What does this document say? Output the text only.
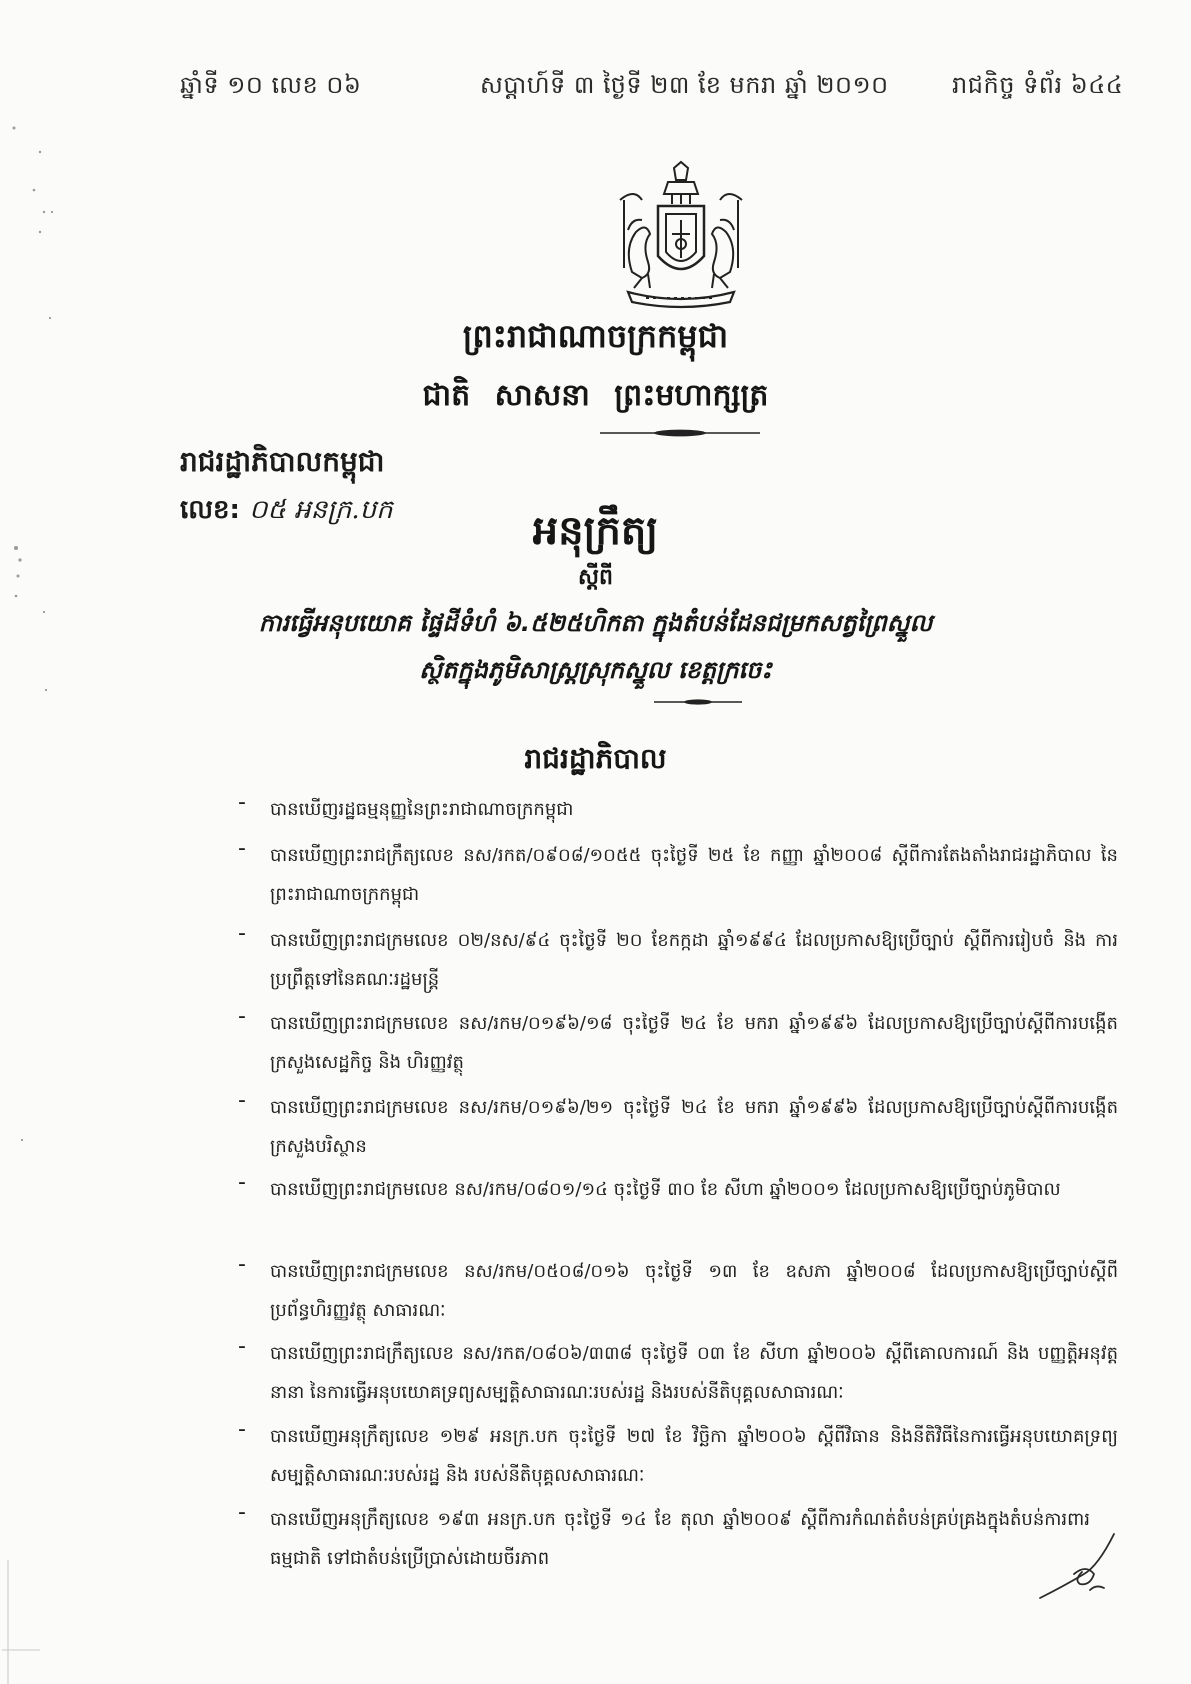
ឆ្នាំទី ១០ លេខ ០៦	សប្តាហ៍ទី ៣ ថ្ងៃទី ២៣ ខែ មករា ឆ្នាំ ២០១០	រាជកិច្ច ទំព័រ ៦៤៤
ព្រះរាជាណាចក្រកម្ពុជា
ជាតិ សាសនា ព្រះមហាក្សត្រ
រាជរដ្ឋាភិបាលកម្ពុជា
លេខ: ០៥ អនក្រ.បក	អនុក្រឹត្យ
ស្តីពី
ការធ្វើអនុបយោគ ផ្ទៃដីទំហំ ៦.៥២៥ហិកតា ក្នុងតំបន់ដែនជម្រកសត្វព្រៃស្នួល
ស្ថិតក្នុងភូមិសាស្ត្រស្រុកស្នួល ខេត្តក្រចេះ
រាជរដ្ឋាភិបាល
- បានឃើញរដ្ឋធម្មនុញ្ញនៃព្រះរាជាណាចក្រកម្ពុជា
- បានឃើញព្រះរាជក្រឹត្យលេខ នស/រកត/០៩០៨/១០៥៥ ចុះថ្ងៃទី ២៥ ខែ កញ្ញា ឆ្នាំ២០០៨ ស្តីពីការតែងតាំងរាជរដ្ឋាភិបាល នៃព្រះរាជាណាចក្រកម្ពុជា
- បានឃើញព្រះរាជក្រមលេខ ០២/នស/៩៤ ចុះថ្ងៃទី ២០ ខែកក្កដា ឆ្នាំ១៩៩៤ ដែលប្រកាសឱ្យប្រើច្បាប់ ស្តីពីការរៀបចំ និង ការប្រព្រឹត្តទៅនៃគណៈរដ្ឋមន្ត្រី
- បានឃើញព្រះរាជក្រមលេខ នស/រកម/០១៩៦/១៨ ចុះថ្ងៃទី ២៤ ខែ មករា ឆ្នាំ១៩៩៦ ដែលប្រកាសឱ្យប្រើច្បាប់ស្តីពីការបង្កើតក្រសួងសេដ្ឋកិច្ច និង ហិរញ្ញវត្ថុ
- បានឃើញព្រះរាជក្រមលេខ នស/រកម/០១៩៦/២១ ចុះថ្ងៃទី ២៤ ខែ មករា ឆ្នាំ១៩៩៦ ដែលប្រកាសឱ្យប្រើច្បាប់ស្តីពីការបង្កើតក្រសួងបរិស្ថាន
- បានឃើញព្រះរាជក្រមលេខ នស/រកម/០៨០១/១៤ ចុះថ្ងៃទី ៣០ ខែ សីហា ឆ្នាំ២០០១ ដែលប្រកាសឱ្យប្រើច្បាប់ភូមិបាល
- បានឃើញព្រះរាជក្រមលេខ នស/រកម/០៥០៨/០១៦ ចុះថ្ងៃទី ១៣ ខែ ឧសភា ឆ្នាំ២០០៨ ដែលប្រកាសឱ្យប្រើច្បាប់ស្តីពីប្រព័ន្ធហិរញ្ញវត្ថុ សាធារណៈ
- បានឃើញព្រះរាជក្រឹត្យលេខ នស/រកត/០៨០៦/៣៣៨ ចុះថ្ងៃទី ០៣ ខែ សីហា ឆ្នាំ២០០៦ ស្តីពីគោលការណ៍ និង បញ្ញត្តិអនុវត្តនានា នៃការធ្វើអនុបយោគទ្រព្យសម្បត្តិសាធារណៈរបស់រដ្ឋ និងរបស់នីតិបុគ្គលសាធារណៈ
- បានឃើញអនុក្រឹត្យលេខ ១២៩ អនក្រ.បក ចុះថ្ងៃទី ២៧ ខែ វិច្ឆិកា ឆ្នាំ២០០៦ ស្តីពីវិធាន និងនីតិវិធីនៃការធ្វើអនុបយោគទ្រព្យសម្បត្តិសាធារណៈរបស់រដ្ឋ និង របស់នីតិបុគ្គលសាធារណៈ
- បានឃើញអនុក្រឹត្យលេខ ១៩៣ អនក្រ.បក ចុះថ្ងៃទី ១៤ ខែ តុលា ឆ្នាំ២០០៩ ស្តីពីការកំណត់តំបន់គ្រប់គ្រងក្នុងតំបន់ការពារធម្មជាតិ ទៅជាតំបន់ប្រើប្រាស់ដោយចីរភាព
